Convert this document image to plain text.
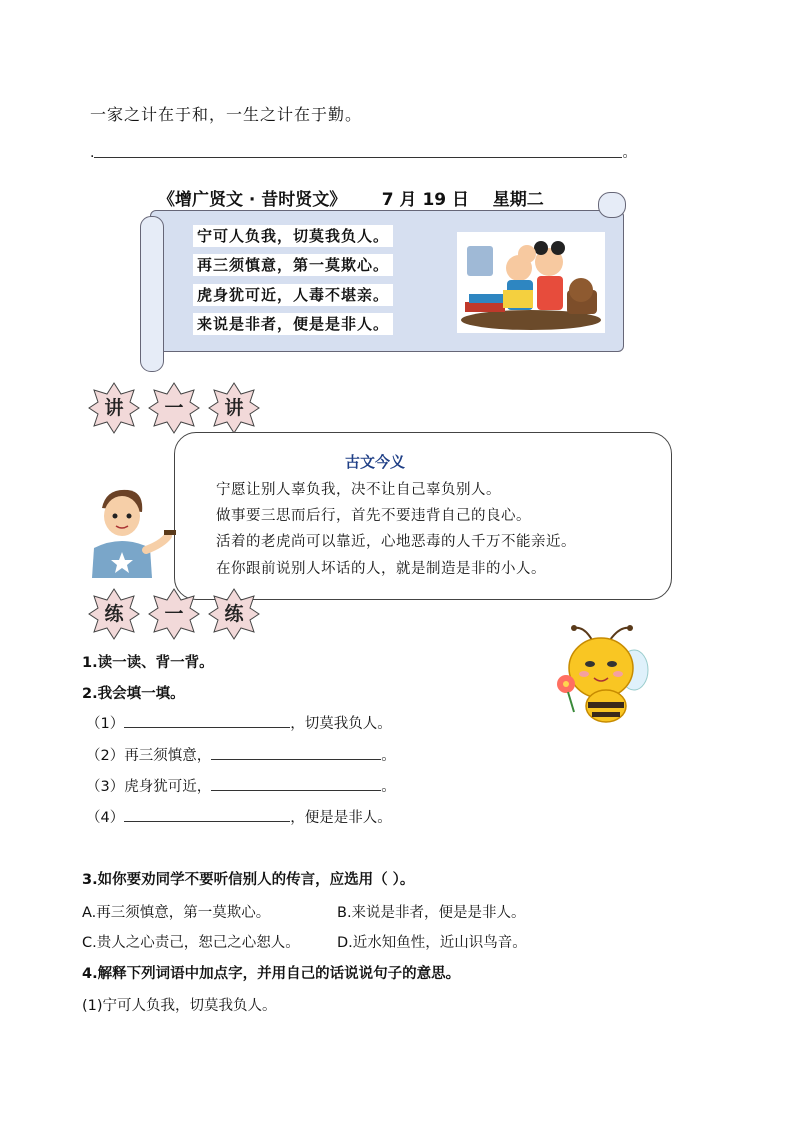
一家之计在于和，一生之计在于勤。
.	。
《增广贤文 · 昔时贤文》      7 月 19 日    星期二
宁可人负我，切莫我负人。
再三须慎意，第一莫欺心。
虎身犹可近，人毒不堪亲。
来说是非者，便是是非人。
讲	一	讲
古文今义
宁愿让别人辜负我，决不让自己辜负别人。
做事要三思而后行，首先不要违背自己的良心。
活着的老虎尚可以靠近，心地恶毒的人千万不能亲近。
在你跟前说别人坏话的人，就是制造是非的小人。
练	一	练
1.读一读、背一背。
2.我会填一填。
（1）	，切莫我负人。
（2）再三须慎意，	。
（3）虎身犹可近，	。
（4）	，便是是非人。
3.如你要劝同学不要听信别人的传言，应选用（ ）。
A.再三须慎意，第一莫欺心。	B.来说是非者，便是是非人。
C.贵人之心责己，恕己之心恕人。	D.近水知鱼性，近山识鸟音。
4.解释下列词语中加点字，并用自己的话说说句子的意思。
(1)宁可人负我，切莫我负人。
